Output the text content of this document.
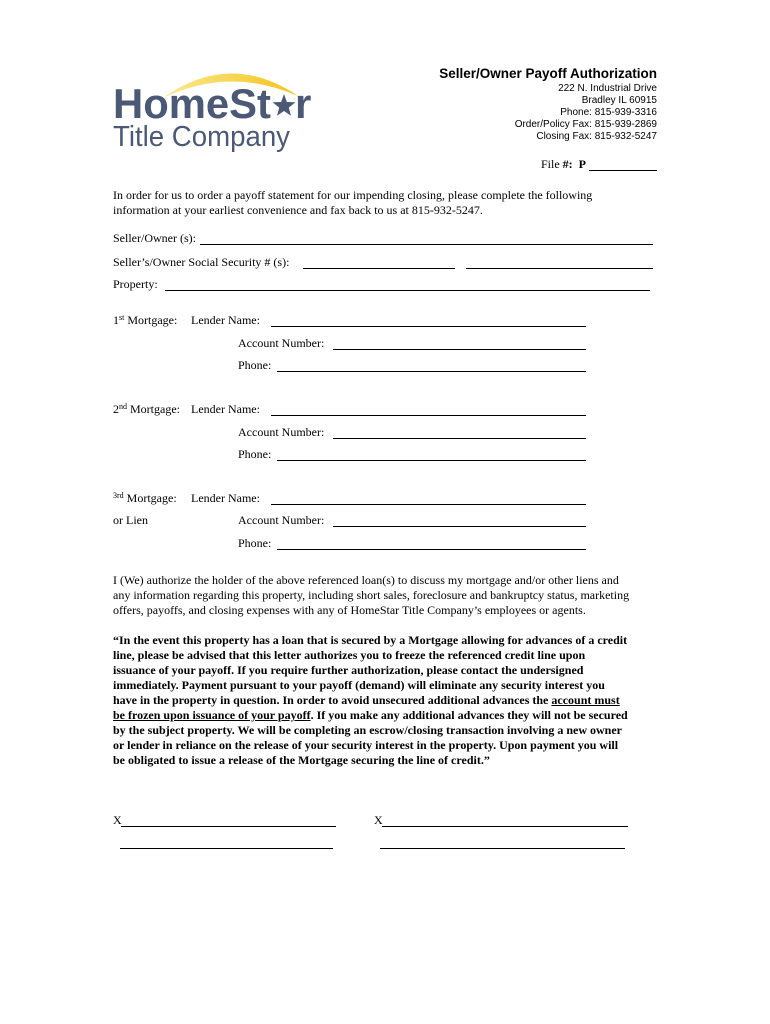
HomeSt r
Title Company
Seller/Owner Payoff Authorization
222 N. Industrial Drive
Bradley IL 60915
Phone: 815-939-3316
Order/Policy Fax: 815-939-2869
Closing Fax: 815-932-5247
File #: P
In order for us to order a payoff statement for our impending closing, please complete the following
information at your earliest convenience and fax back to us at 815-932-5247.
Seller/Owner (s):
Seller’s/Owner Social Security # (s):
Property:
1st Mortgage: Lender Name:
Account Number:
Phone:
2nd Mortgage: Lender Name:
Account Number:
Phone:
$^{3rd}$ Mortgage: Lender Name:
or Lien	Account Number:
Phone:
I (We) authorize the holder of the above referenced loan(s) to discuss my mortgage and/or other liens and
any information regarding this property, including short sales, foreclosure and bankruptcy status, marketing
offers, payoffs, and closing expenses with any of HomeStar Title Company’s employees or agents.
“In the event this property has a loan that is secured by a Mortgage allowing for advances of a credit
line, please be advised that this letter authorizes you to freeze the referenced credit line upon
issuance of your payoff. If you require further authorization, please contact the undersigned
immediately. Payment pursuant to your payoff (demand) will eliminate any security interest you
have in the property in question. In order to avoid unsecured additional advances the account must
be frozen upon issuance of your payoff. If you make any additional advances they will not be secured
by the subject property. We will be completing an escrow/closing transaction involving a new owner
or lender in reliance on the release of your security interest in the property. Upon payment you will
be obligated to issue a release of the Mortgage securing the line of credit.”
X	X
